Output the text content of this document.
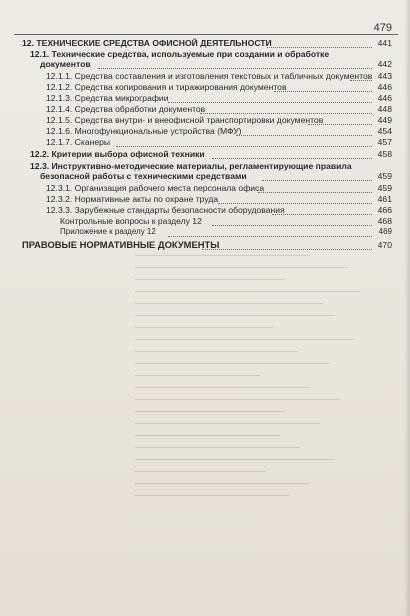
479
12. ТЕХНИЧЕСКИЕ СРЕДСТВА ОФИСНОЙ ДЕЯТЕЛЬНОСТИ	441
12.1. Технические средства, используемые при создании и обработке
документов	442
12.1.1. Средства составления и изготовления текстовых и табличных документов 443
12.1.2. Средства копирования и тиражирования документов	446
12.1.3. Средства микрографии	446
12.1.4. Средства обработки документов	448
12.1.5. Средства внутри- и внеофисной транспортировки документов	449
12.1.6. Многофункциональные устройства (МФУ)	454
12.1.7. Сканеры	457
12.2. Критерии выбора офисной техники	458
12.3. Инструктивно-методические материалы, регламентирующие правила
безопасной работы с техническими средствами	459
12.3.1. Организация рабочего места персонала офиса	459
12.3.2. Нормативные акты по охране труда	461
12.3.3. Зарубежные стандарты безопасности оборудования	466
Контрольные вопросы к разделу 12	468
Приложение к разделу 12	469
ПРАВОВЫЕ НОРМАТИВНЫЕ ДОКУМЕНТЫ	470
